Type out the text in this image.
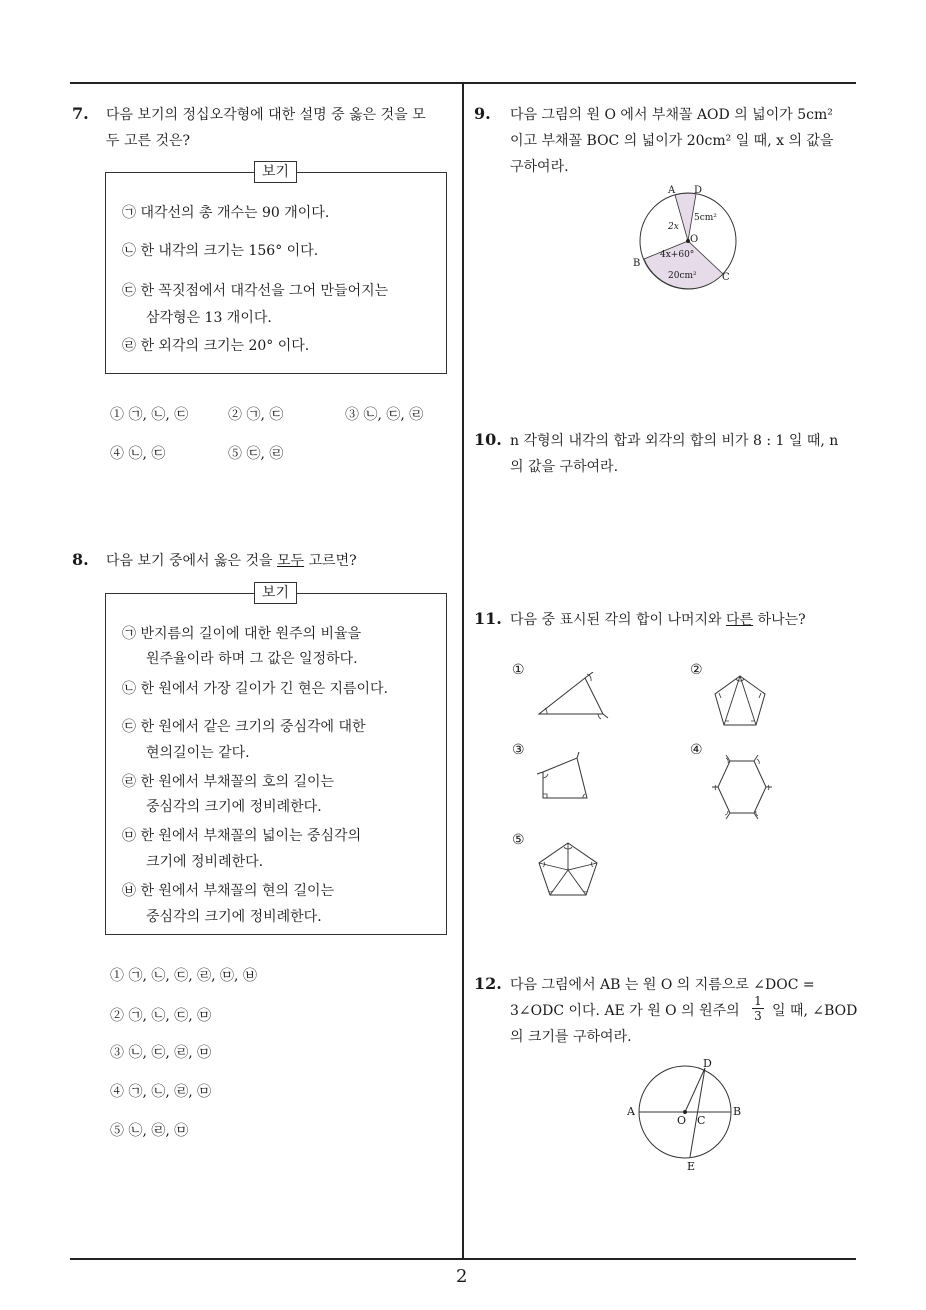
2
7. 다음 보기의 정십오각형에 대한 설명 중 옳은 것을 모
두 고른 것은?
보기
㉠ 대각선의 총 개수는 90 개이다.
㉡ 한 내각의 크기는 156° 이다.
㉢ 한 꼭짓점에서 대각선을 그어 만들어지는
삼각형은 13 개이다.
㉣ 한 외각의 크기는 20° 이다.
① ㉠, ㉡, ㉢	② ㉠, ㉢	③ ㉡, ㉢, ㉣
④ ㉡, ㉢	⑤ ㉢, ㉣
8. 다음 보기 중에서 옳은 것을 모두 고르면?
보기
㉠ 반지름의 길이에 대한 원주의 비율을
원주율이라 하며 그 값은 일정하다.
㉡ 한 원에서 가장 길이가 긴 현은 지름이다.
㉢ 한 원에서 같은 크기의 중심각에 대한
현의길이는 같다.
㉣ 한 원에서 부채꼴의 호의 길이는
중심각의 크기에 정비례한다.
㉤ 한 원에서 부채꼴의 넓이는 중심각의
크기에 정비례한다.
㉥ 한 원에서 부채꼴의 현의 길이는
중심각의 크기에 정비례한다.
① ㉠, ㉡, ㉢, ㉣, ㉤, ㉥
② ㉠, ㉡, ㉢, ㉤
③ ㉡, ㉢, ㉣, ㉤
④ ㉠, ㉡, ㉣, ㉤
⑤ ㉡, ㉣, ㉤
9. 다음 그림의 원 O 에서 부채꼴 AOD 의 넓이가 5cm²
이고 부채꼴 BOC 의 넓이가 20cm² 일 때, x 의 값을
구하여라.
A D
B
C
O
2x
4x+60°
5cm²
20cm²
10. n 각형의 내각의 합과 외각의 합의 비가 8 : 1 일 때, n
의 값을 구하여라.
11. 다음 중 표시된 각의 합이 나머지와 다른 하나는?
①	②
③	④
⑤
12. 다음 그림에서 AB 는 원 O 의 지름으로 ∠DOC =
3∠ODC 이다. AE 가 원 O 의 원주의 $\frac{1}{3}$ 일 때, ∠BOD
의 크기를 구하여라.
A	B
O C
D
E
